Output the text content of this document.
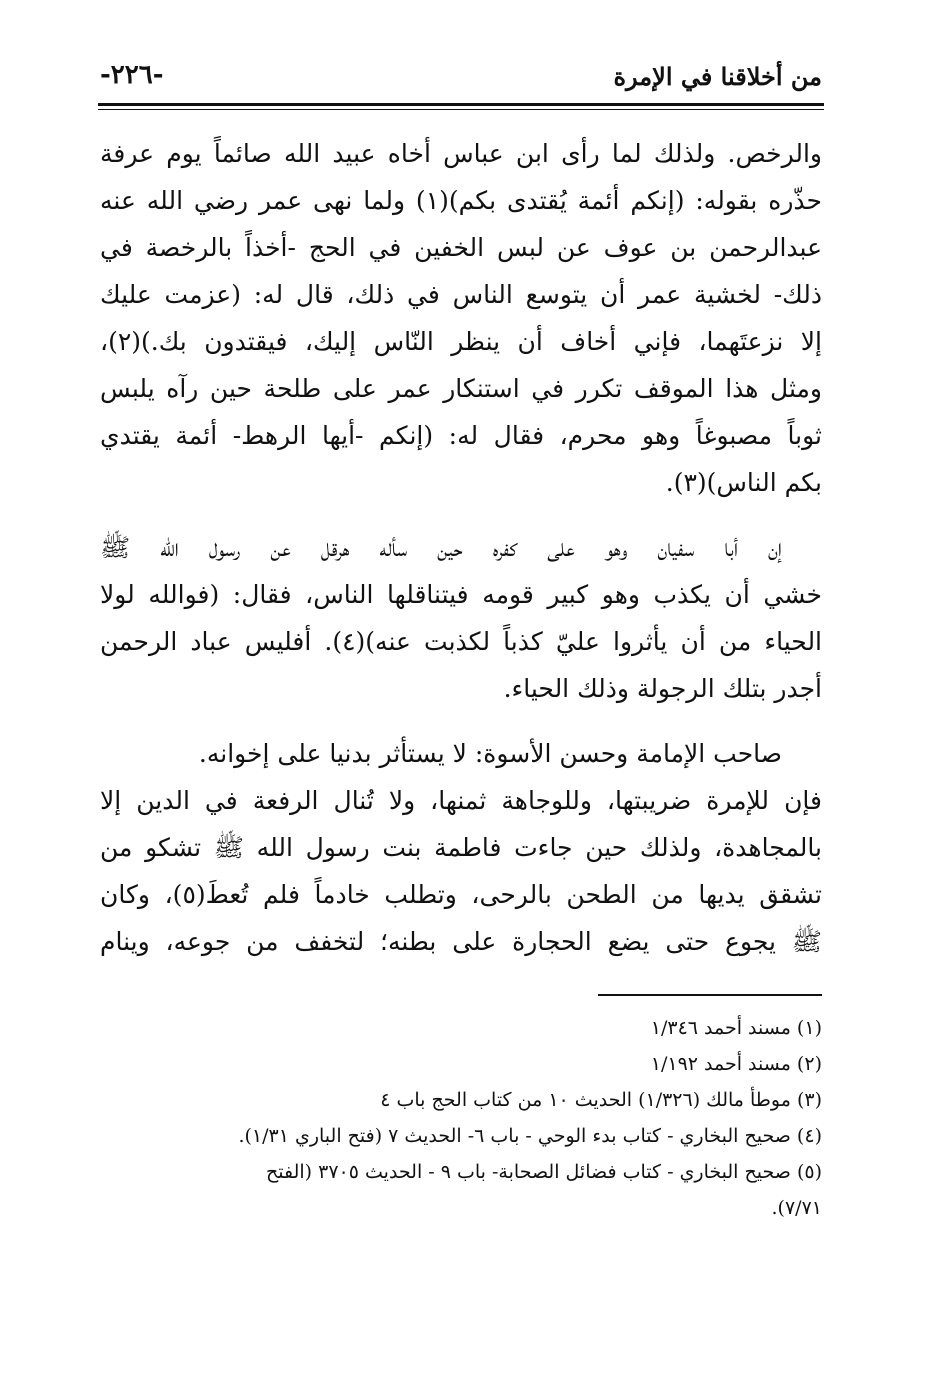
من أخلاقنا في الإمرة
-٢٢٦-

والرخص. ولذلك لما رأى ابن عباس أخاه عبيد الله صائماً يوم عرفة
حذّره بقوله: (إنكم أئمة يُقتدى بكم)(١) ولما نهى عمر رضي الله عنه
عبدالرحمن بن عوف عن لبس الخفين في الحج -أخذاً بالرخصة في
ذلك- لخشية عمر أن يتوسع الناس في ذلك، قال له: (عزمت عليك
إلا نزعتَهما، فإني أخاف أن ينظر النّاس إليك، فيقتدون بك.)(٢)،
ومثل هذا الموقف تكرر في استنكار عمر على طلحة حين رآه يلبس
ثوباً مصبوغاً وهو محرم، فقال له: (إنكم -أيها الرهط- أئمة يقتدي
بكم الناس)(٣).

إن أبا سفيان وهو على كفره حين سأله هرقل عن رسول الله ﷺ
خشي أن يكذب وهو كبير قومه فيتناقلها الناس، فقال: (فوالله لولا
الحياء من أن يأثروا عليّ كذباً لكذبت عنه)(٤). أفليس عباد الرحمن
أجدر بتلك الرجولة وذلك الحياء.

صاحب الإمامة وحسن الأسوة: لا يستأثر بدنيا على إخوانه.
فإن للإمرة ضريبتها، وللوجاهة ثمنها، ولا تُنال الرفعة في الدين إلا
بالمجاهدة، ولذلك حين جاءت فاطمة بنت رسول الله ﷺ تشكو من
تشقق يديها من الطحن بالرحى، وتطلب خادماً فلم تُعطَ(٥)، وكان
ﷺ يجوع حتى يضع الحجارة على بطنه؛ لتخفف من جوعه، وينام

(١) مسند أحمد ١/٣٤٦
(٢) مسند أحمد ١/١٩٢
(٣) موطأ مالك (١/٣٢٦) الحديث ١٠ من كتاب الحج باب ٤
(٤) صحيح البخاري - كتاب بدء الوحي - باب ٦- الحديث ٧ (فتح الباري ١/٣١).
(٥) صحيح البخاري - كتاب فضائل الصحابة- باب ٩ - الحديث ٣٧٠٥ (الفتح
٧/٧١).
